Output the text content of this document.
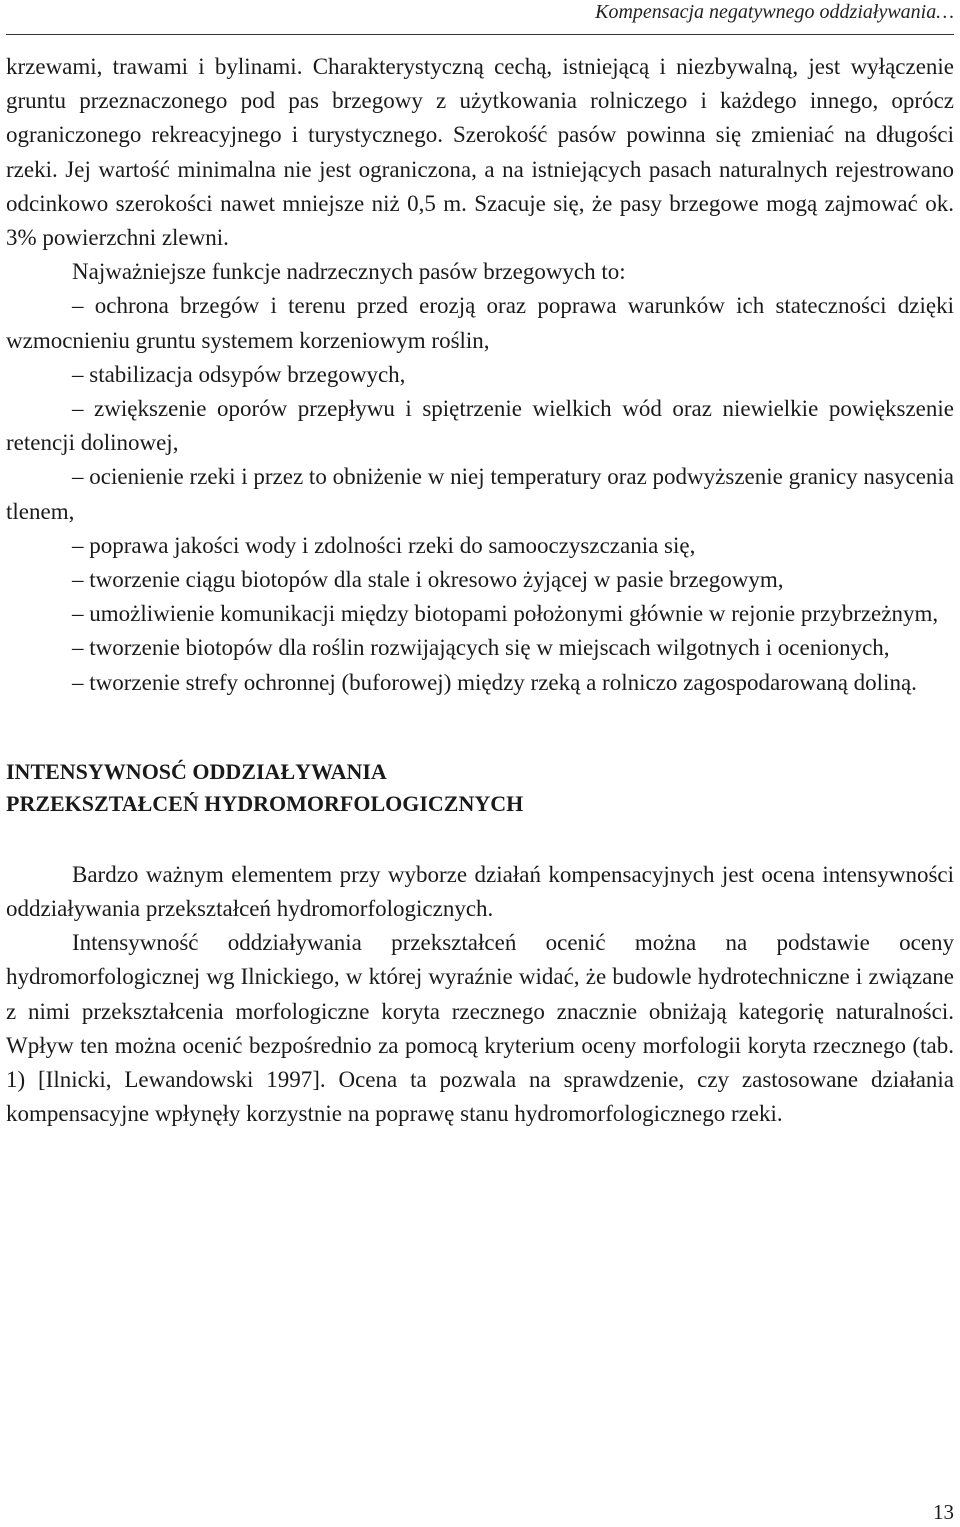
Kompensacja negatywnego oddziaływania…

krzewami, trawami i bylinami. Charakterystyczną cechą, istniejącą i niezbywalną, jest wyłączenie gruntu przeznaczonego pod pas brzegowy z użytkowania rolniczego i każdego innego, oprócz ograniczonego rekreacyjnego i turystycznego. Szerokość pasów powinna się zmieniać na długości rzeki. Jej wartość minimalna nie jest ograniczona, a na istniejących pasach naturalnych rejestrowano odcinkowo szerokości nawet mniejsze niż 0,5 m. Szacuje się, że pasy brzegowe mogą zajmować ok. 3% powierzchni zlewni.

Najważniejsze funkcje nadrzecznych pasów brzegowych to:

– ochrona brzegów i terenu przed erozją oraz poprawa warunków ich stateczności dzięki wzmocnieniu gruntu systemem korzeniowym roślin,

– stabilizacja odsypów brzegowych,

– zwiększenie oporów przepływu i spiętrzenie wielkich wód oraz niewielkie powiększenie retencji dolinowej,

– ocienienie rzeki i przez to obniżenie w niej temperatury oraz podwyższenie granicy nasycenia tlenem,

– poprawa jakości wody i zdolności rzeki do samooczyszczania się,

– tworzenie ciągu biotopów dla stale i okresowo żyjącej w pasie brzegowym,

– umożliwienie komunikacji między biotopami położonymi głównie w rejonie przybrzeżnym,

– tworzenie biotopów dla roślin rozwijających się w miejscach wilgotnych i ocenionych,

– tworzenie strefy ochronnej (buforowej) między rzeką a rolniczo zagospodarowaną doliną.

INTENSYWNOSĆ ODDZIAŁYWANIA

PRZEKSZTAŁCEŃ HYDROMORFOLOGICZNYCH

Bardzo ważnym elementem przy wyborze działań kompensacyjnych jest ocena intensywności oddziaływania przekształceń hydromorfologicznych.

Intensywność oddziaływania przekształceń ocenić można na podstawie oceny hydromorfologicznej wg Ilnickiego, w której wyraźnie widać, że budowle hydrotechniczne i związane z nimi przekształcenia morfologiczne koryta rzecznego znacznie obniżają kategorię naturalności. Wpływ ten można ocenić bezpośrednio za pomocą kryterium oceny morfologii koryta rzecznego (tab. 1) [Ilnicki, Lewandowski 1997]. Ocena ta pozwala na sprawdzenie, czy zastosowane działania kompensacyjne wpłynęły korzystnie na poprawę stanu hydromorfologicznego rzeki.

13
